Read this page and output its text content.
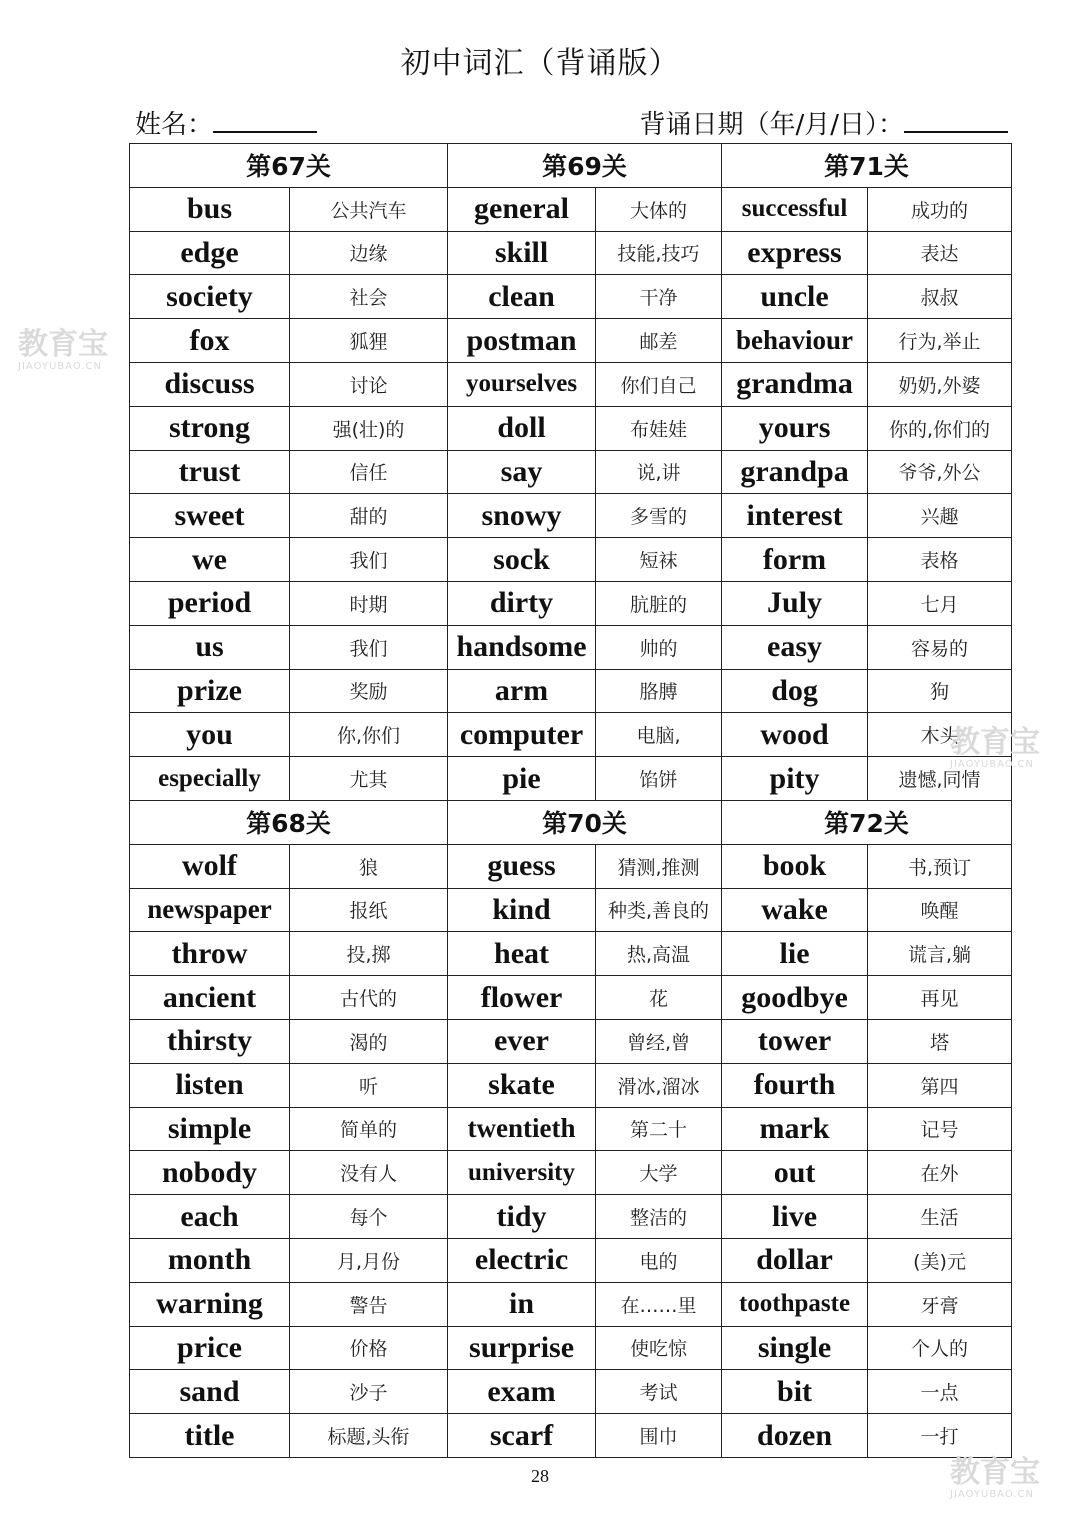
初中词汇（背诵版）
姓名：	背诵日期（年/月/日）：
第67关		第69关		第71关	
bus	公共汽车	general	大体的	successful	成功的
edge	边缘	skill	技能,技巧	express	表达
society	社会	clean	干净	uncle	叔叔
fox	狐狸	postman	邮差	behaviour	行为,举止
discuss	讨论	yourselves	你们自己	grandma	奶奶,外婆
strong	强(壮)的	doll	布娃娃	yours	你的,你们的
trust	信任	say	说,讲	grandpa	爷爷,外公
sweet	甜的	snowy	多雪的	interest	兴趣
we	我们	sock	短袜	form	表格
period	时期	dirty	肮脏的	July	七月
us	我们	handsome	帅的	easy	容易的
prize	奖励	arm	胳膊	dog	狗
you	你,你们	computer	电脑,	wood	木头
especially	尤其	pie	馅饼	pity	遗憾,同情
第68关		第70关		第72关	
wolf	狼	guess	猜测,推测	book	书,预订
newspaper	报纸	kind	种类,善良的	wake	唤醒
throw	投,掷	heat	热,高温	lie	谎言,躺
ancient	古代的	flower	花	goodbye	再见
thirsty	渴的	ever	曾经,曾	tower	塔
listen	听	skate	滑冰,溜冰	fourth	第四
simple	简单的	twentieth	第二十	mark	记号
nobody	没有人	university	大学	out	在外
each	每个	tidy	整洁的	live	生活
month	月,月份	electric	电的	dollar	(美)元
warning	警告	in	在……里	toothpaste	牙膏
price	价格	surprise	使吃惊	single	个人的
sand	沙子	exam	考试	bit	一点
title	标题,头衔	scarf	围巾	dozen	一打
28
教育宝
JIAOYUBAO.CN
教育宝
JIAOYUBAO.CN
教育宝
JIAOYUBAO.CN
